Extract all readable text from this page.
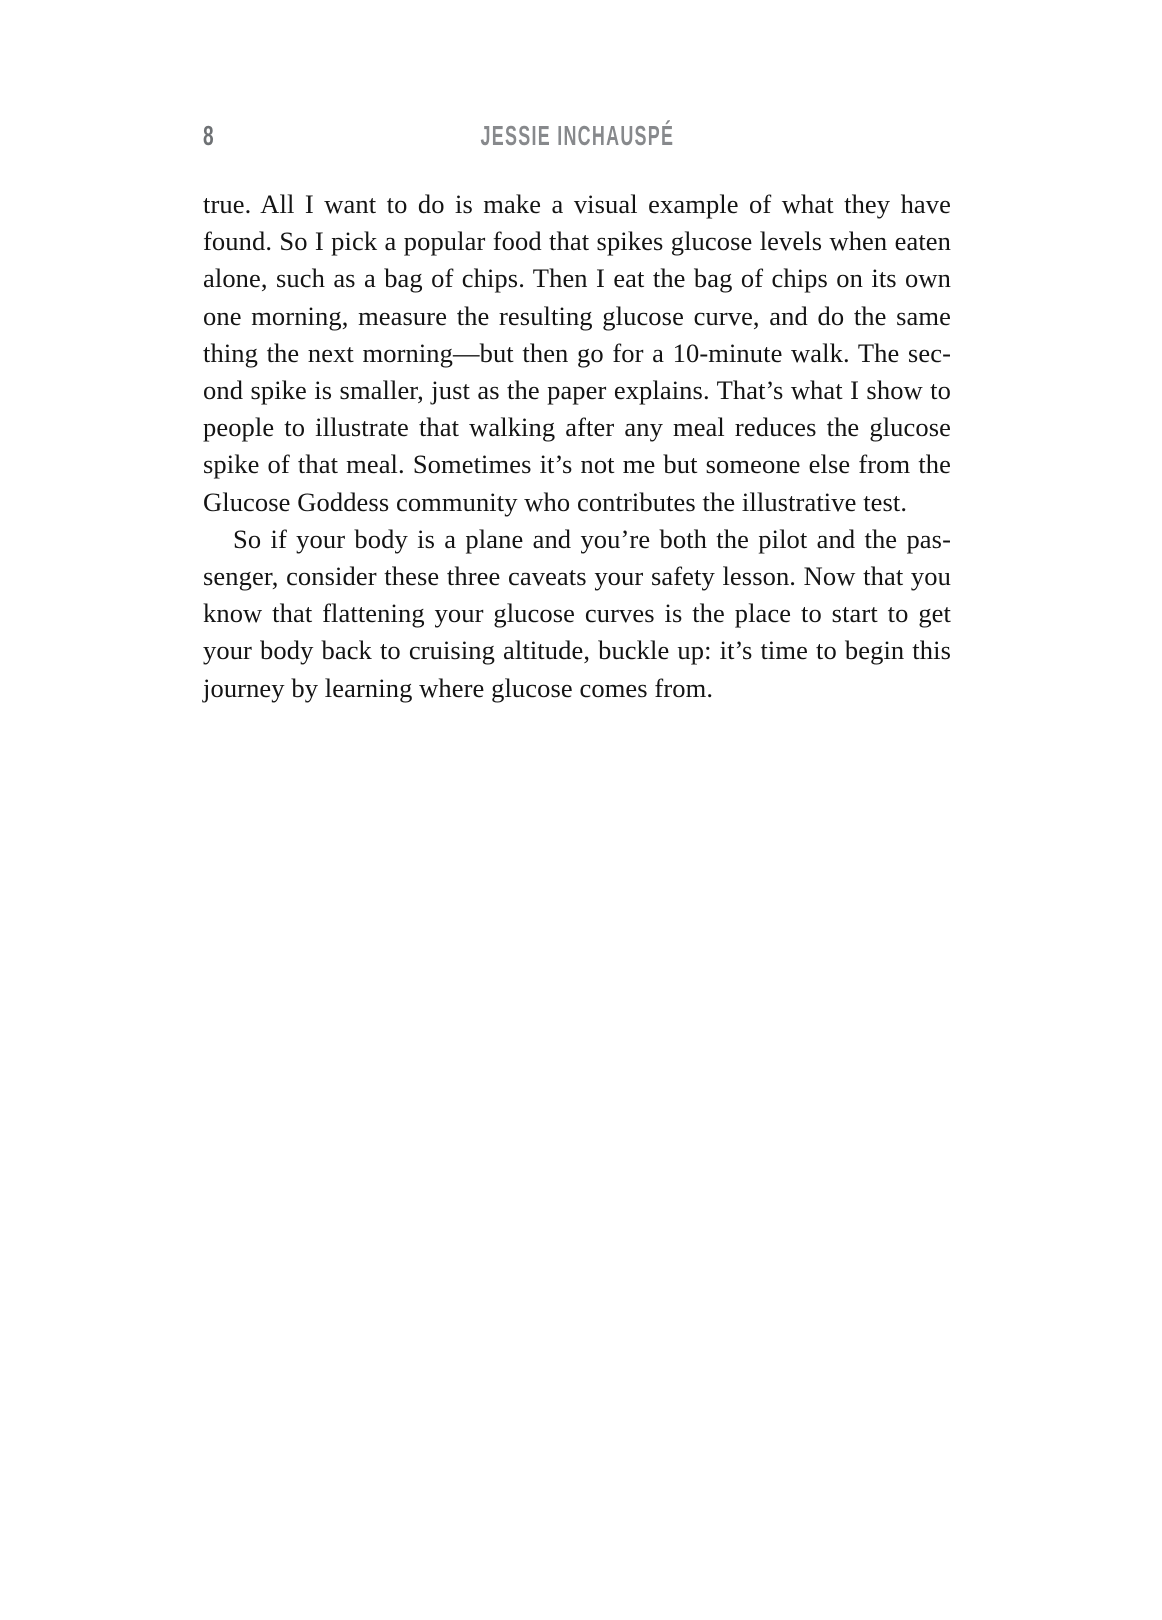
8	JESSIE INCHAUSPÉ
true. All I want to do is make a visual example of what they have
found. So I pick a popular food that spikes glucose levels when eaten
alone, such as a bag of chips. Then I eat the bag of chips on its own
one morning, measure the resulting glucose curve, and do the same
thing the next morning—but then go for a 10-minute walk. The sec-
ond spike is smaller, just as the paper explains. That’s what I show to
people to illustrate that walking after any meal reduces the glucose
spike of that meal. Sometimes it’s not me but someone else from the
Glucose Goddess community who contributes the illustrative test.
So if your body is a plane and you’re both the pilot and the pas-
senger, consider these three caveats your safety lesson. Now that you
know that flattening your glucose curves is the place to start to get
your body back to cruising altitude, buckle up: it’s time to begin this
journey by learning where glucose comes from.
